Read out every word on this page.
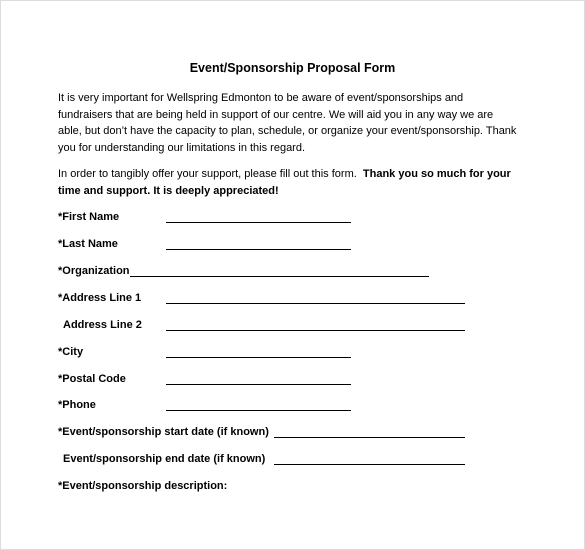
Event/Sponsorship Proposal Form
It is very important for Wellspring Edmonton to be aware of event/sponsorships and
fundraisers that are being held in support of our centre. We will aid you in any way we are
able, but don’t have the capacity to plan, schedule, or organize your event/sponsorship. Thank
you for understanding our limitations in this regard.
In order to tangibly offer your support, please fill out this form.  Thank you so much for your
time and support. It is deeply appreciated!
*First Name
*Last Name
*Organization
*Address Line 1
Address Line 2
*City
*Postal Code
*Phone
*Event/sponsorship start date (if known)
Event/sponsorship end date (if known)
*Event/sponsorship description:
